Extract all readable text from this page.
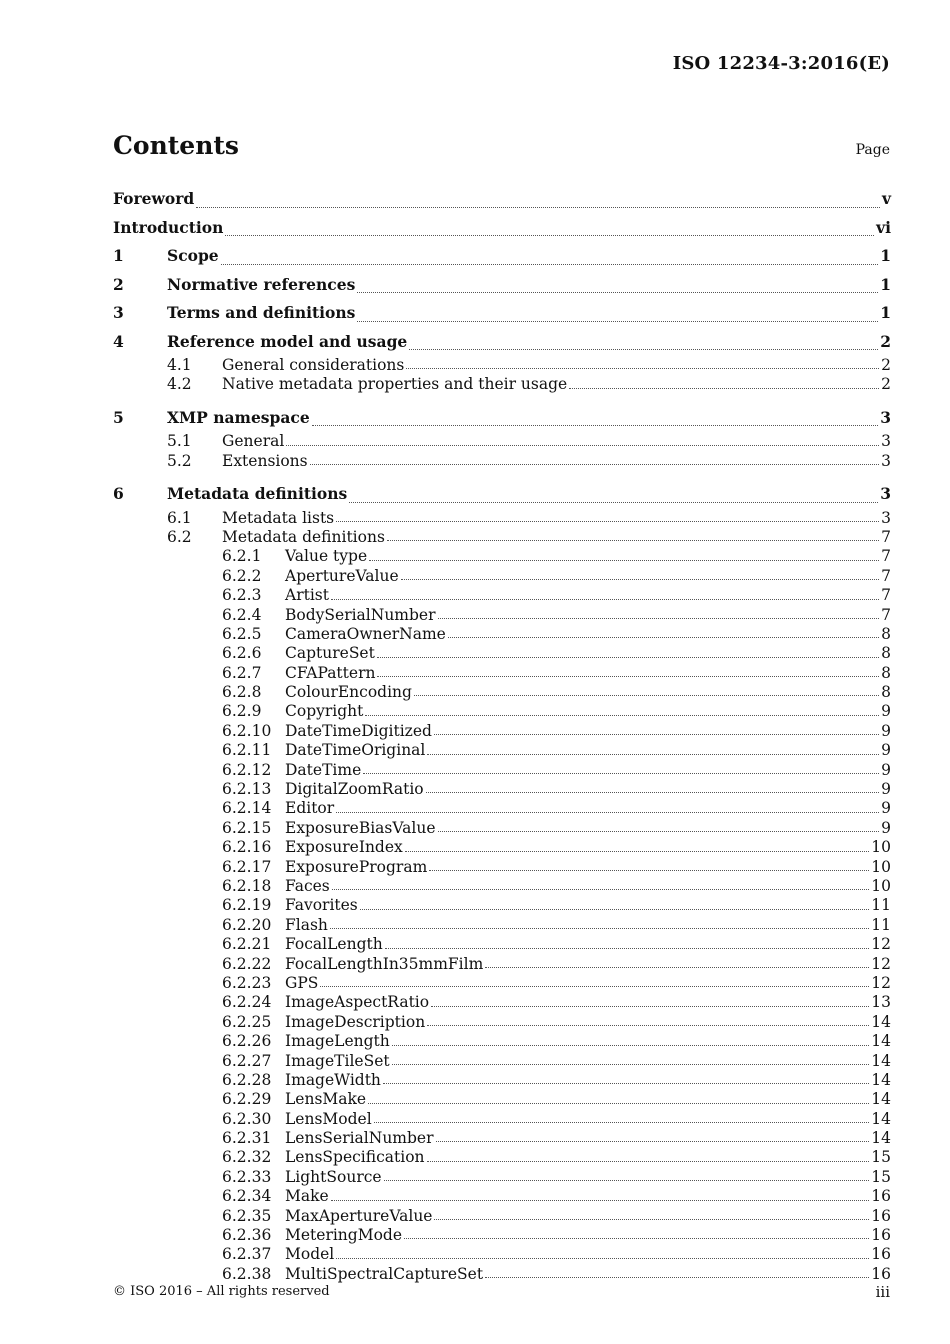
ISO 12234-3:2016(E)
Contents	Page
Foreword	v
Introduction	vi
1	Scope	1
2	Normative references	1
3	Terms and definitions	1
4	Reference model and usage	2
4.1 General considerations	2
4.2 Native metadata properties and their usage	2
5	XMP namespace	3
5.1 General	3
5.2 Extensions	3
6	Metadata definitions	3
6.1 Metadata lists	3
6.2 Metadata definitions	7
6.2.1 Value type	7
6.2.2 ApertureValue	7
6.2.3 Artist	7
6.2.4 BodySerialNumber	7
6.2.5 CameraOwnerName	8
6.2.6 CaptureSet	8
6.2.7 CFAPattern	8
6.2.8 ColourEncoding	8
6.2.9 Copyright	9
6.2.10 DateTimeDigitized	9
6.2.11 DateTimeOriginal	9
6.2.12 DateTime	9
6.2.13 DigitalZoomRatio	9
6.2.14 Editor	9
6.2.15 ExposureBiasValue	9
6.2.16 ExposureIndex	10
6.2.17 ExposureProgram	10
6.2.18 Faces	10
6.2.19 Favorites	11
6.2.20 Flash	11
6.2.21 FocalLength	12
6.2.22 FocalLengthIn35mmFilm	12
6.2.23 GPS	12
6.2.24 ImageAspectRatio	13
6.2.25 ImageDescription	14
6.2.26 ImageLength	14
6.2.27 ImageTileSet	14
6.2.28 ImageWidth	14
6.2.29 LensMake	14
6.2.30 LensModel	14
6.2.31 LensSerialNumber	14
6.2.32 LensSpecification	15
6.2.33 LightSource	15
6.2.34 Make	16
6.2.35 MaxApertureValue	16
6.2.36 MeteringMode	16
6.2.37 Model	16
6.2.38 MultiSpectralCaptureSet	16
© ISO 2016 – All rights reserved	iii
